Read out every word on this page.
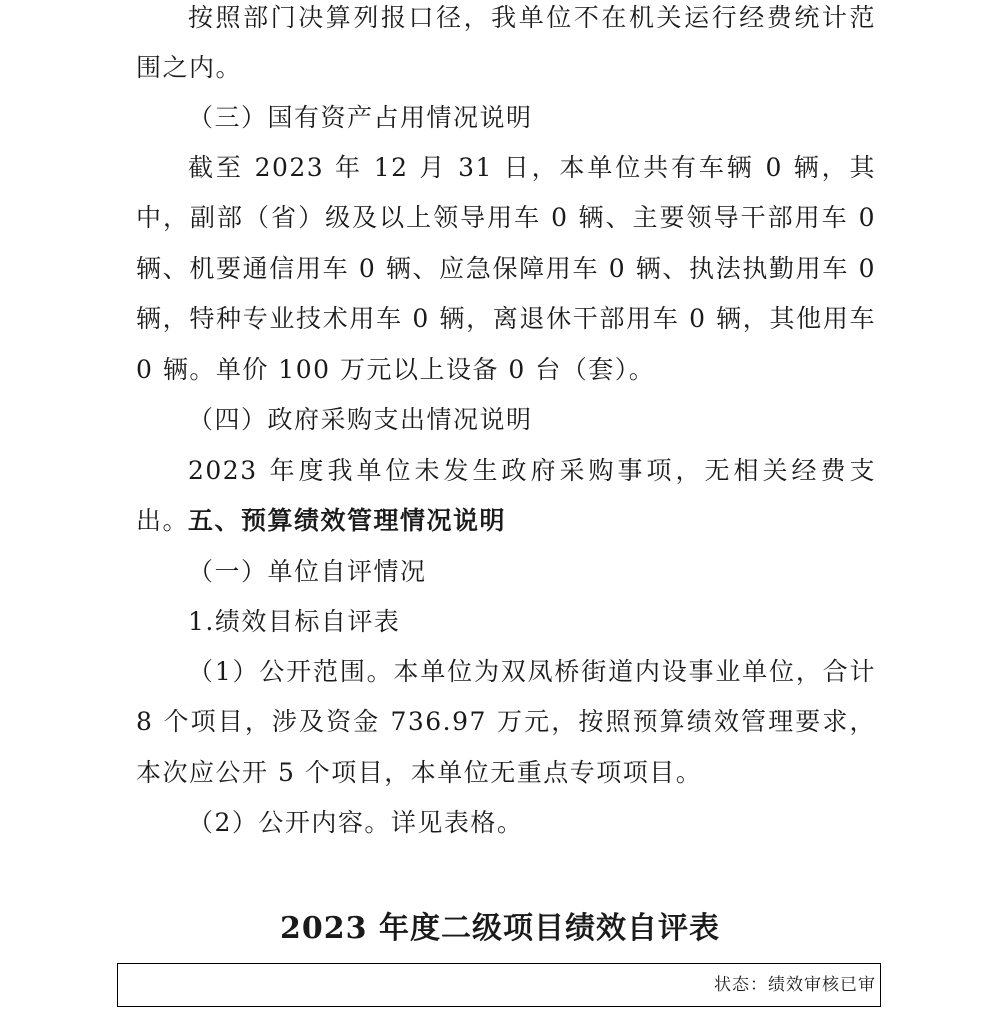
按照部门决算列报口径，我单位不在机关运行经费统计范围之内。

（三）国有资产占用情况说明

截至 2023 年 12 月 31 日，本单位共有车辆 0 辆，其中，副部（省）级及以上领导用车 0 辆、主要领导干部用车 0 辆、机要通信用车 0 辆、应急保障用车 0 辆、执法执勤用车 0 辆，特种专业技术用车 0 辆，离退休干部用车 0 辆，其他用车 0 辆。单价 100 万元以上设备 0 台（套）。

（四）政府采购支出情况说明

2023 年度我单位未发生政府采购事项，无相关经费支出。

五、预算绩效管理情况说明

（一）单位自评情况

1.绩效目标自评表

（1）公开范围。本单位为双凤桥街道内设事业单位，合计 8 个项目，涉及资金 736.97 万元，按照预算绩效管理要求，本次应公开 5 个项目，本单位无重点专项项目。

（2）公开内容。详见表格。

2023 年度二级项目绩效自评表
状态：绩效审核已审
